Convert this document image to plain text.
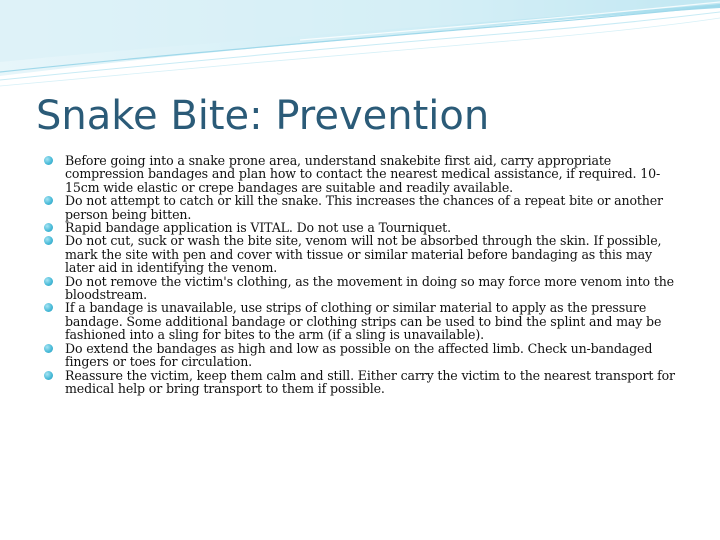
Snake Bite: Prevention
Before going into a snake prone area, understand snakebite first aid, carry appropriate compression bandages and plan how to contact the nearest medical assistance, if required. 10-15cm wide elastic or crepe bandages are suitable and readily available.
Do not attempt to catch or kill the snake. This increases the chances of a repeat bite or another person being bitten.
Rapid bandage application is VITAL. Do not use a Tourniquet.
Do not cut, suck or wash the bite site, venom will not be absorbed through the skin. If possible, mark the site with pen and cover with tissue or similar material before bandaging as this may later aid in identifying the venom.
Do not remove the victim's clothing, as the movement in doing so may force more venom into the bloodstream.
If a bandage is unavailable, use strips of clothing or similar material to apply as the pressure bandage. Some additional bandage or clothing strips can be used to bind the splint and may be fashioned into a sling for bites to the arm (if a sling is unavailable).
Do extend the bandages as high and low as possible on the affected limb. Check un-bandaged fingers or toes for circulation.
Reassure the victim, keep them calm and still. Either carry the victim to the nearest transport for medical help or bring transport to them if possible.
